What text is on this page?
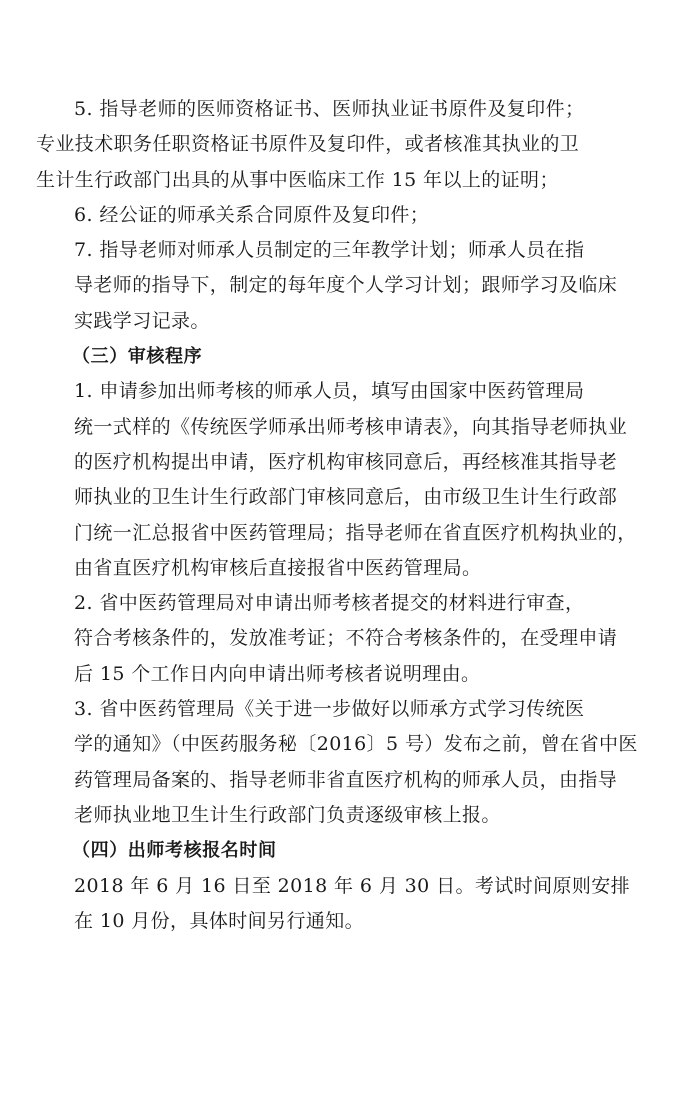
5. 指导老师的医师资格证书、医师执业证书原件及复印件；
专业技术职务任职资格证书原件及复印件，或者核准其执业的卫
生计生行政部门出具的从事中医临床工作 15 年以上的证明；
6. 经公证的师承关系合同原件及复印件；
7. 指导老师对师承人员制定的三年教学计划；师承人员在指
导老师的指导下，制定的每年度个人学习计划；跟师学习及临床
实践学习记录。
（三）审核程序
1. 申请参加出师考核的师承人员，填写由国家中医药管理局
统一式样的《传统医学师承出师考核申请表》，向其指导老师执业
的医疗机构提出申请，医疗机构审核同意后，再经核准其指导老
师执业的卫生计生行政部门审核同意后，由市级卫生计生行政部
门统一汇总报省中医药管理局；指导老师在省直医疗机构执业的，
由省直医疗机构审核后直接报省中医药管理局。
2. 省中医药管理局对申请出师考核者提交的材料进行审查，
符合考核条件的，发放准考证；不符合考核条件的，在受理申请
后 15 个工作日内向申请出师考核者说明理由。
3. 省中医药管理局《关于进一步做好以师承方式学习传统医
学的通知》（中医药服务秘〔2016〕5 号）发布之前，曾在省中医
药管理局备案的、指导老师非省直医疗机构的师承人员，由指导
老师执业地卫生计生行政部门负责逐级审核上报。
（四）出师考核报名时间
2018 年 6 月 16 日至 2018 年 6 月 30 日。考试时间原则安排
在 10 月份，具体时间另行通知。
